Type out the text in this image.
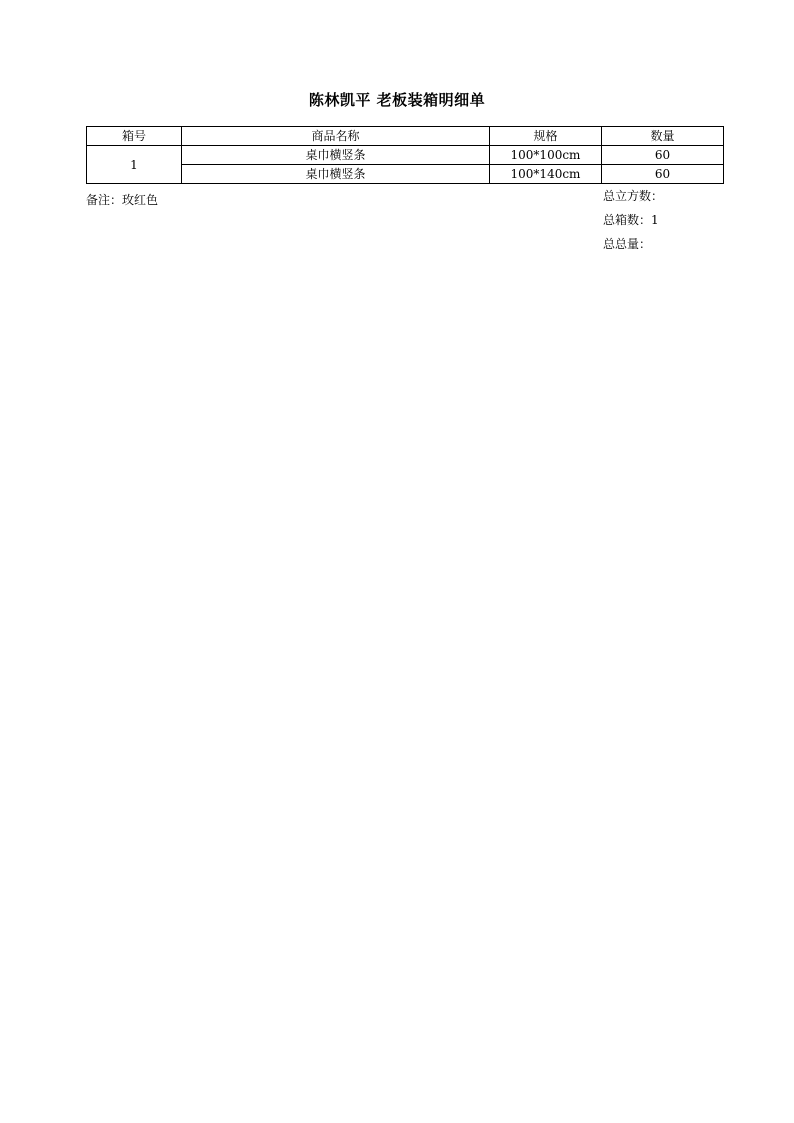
陈林凯平 老板装箱明细单
箱号	商品名称	规格	数量
1	桌巾横竖条	100*100cm	60
	桌巾横竖条	100*140cm	60
备注：玫红色	总立方数：
总箱数：1
总总量：
